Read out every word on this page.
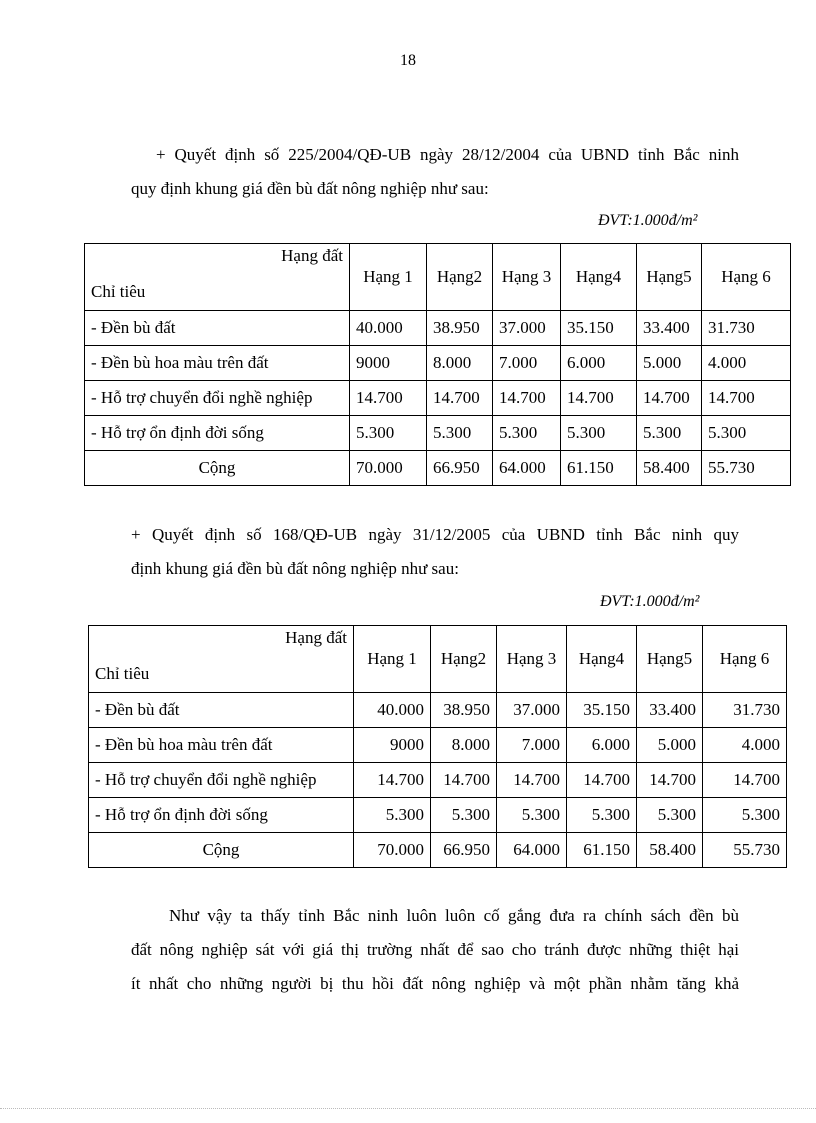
18

+ Quyết định số 225/2004/QĐ-UB ngày 28/12/2004 của UBND tỉnh Bắc ninh
quy định khung giá đền bù đất nông nghiệp như sau:

ĐVT:1.000đ/m²
Hạng đất
Chỉ tiêu	Hạng 1	Hạng2	Hạng 3	Hạng4	Hạng5	Hạng 6
- Đền bù đất	40.000	38.950	37.000	35.150	33.400	31.730
- Đền bù hoa màu trên đất	9000	8.000	7.000	6.000	5.000	4.000
- Hỗ trợ chuyển đổi nghề nghiệp	14.700	14.700	14.700	14.700	14.700	14.700
- Hỗ trợ ổn định đời sống	5.300	5.300	5.300	5.300	5.300	5.300
Cộng	70.000	66.950	64.000	61.150	58.400	55.730

+ Quyết định số 168/QĐ-UB ngày 31/12/2005 của UBND tỉnh Bắc ninh quy
định khung giá đền bù đất nông nghiệp như sau:

ĐVT:1.000đ/m²
Hạng đất
Chỉ tiêu	Hạng 1	Hạng2	Hạng 3	Hạng4	Hạng5	Hạng 6
- Đền bù đất	40.000	38.950	37.000	35.150	33.400	31.730
- Đền bù hoa màu trên đất	9000	8.000	7.000	6.000	5.000	4.000
- Hỗ trợ chuyển đổi nghề nghiệp	14.700	14.700	14.700	14.700	14.700	14.700
- Hỗ trợ ổn định đời sống	5.300	5.300	5.300	5.300	5.300	5.300
Cộng	70.000	66.950	64.000	61.150	58.400	55.730

Như vậy ta thấy tỉnh Bắc ninh luôn luôn cố gắng đưa ra chính sách đền bù
đất nông nghiệp sát với giá thị trường nhất để sao cho tránh được những thiệt hại
ít nhất cho những người bị thu hồi đất nông nghiệp và một phần nhằm tăng khả
